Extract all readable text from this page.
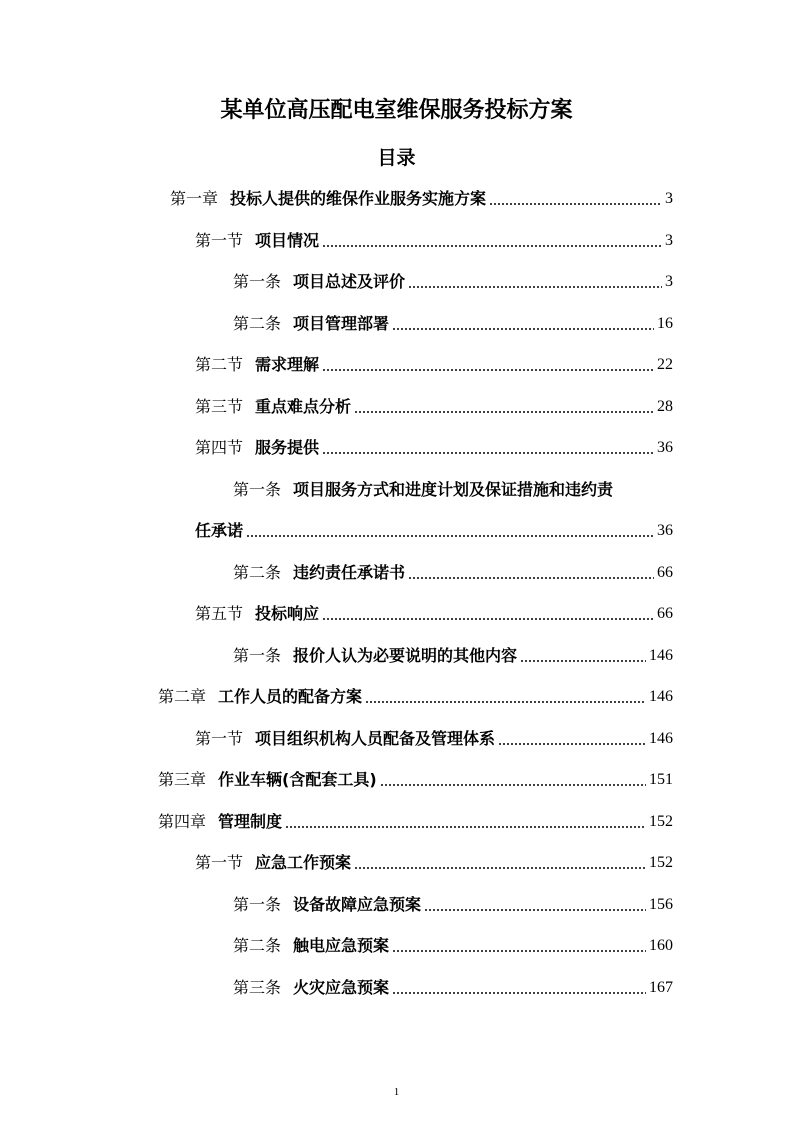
某单位高压配电室维保服务投标方案
目录
第一章 投标人提供的维保作业服务实施方案	3
第一节 项目情况	3
第一条 项目总述及评价	3
第二条 项目管理部署	16
第二节 需求理解	22
第三节 重点难点分析	28
第四节 服务提供	36
第一条 项目服务方式和进度计划及保证措施和违约责
任承诺	36
第二条 违约责任承诺书	66
第五节 投标响应	66
第一条 报价人认为必要说明的其他内容	146
第二章 工作人员的配备方案	146
第一节 项目组织机构人员配备及管理体系	146
第三章 作业车辆(含配套工具)	151
第四章 管理制度	152
第一节 应急工作预案	152
第一条 设备故障应急预案	156
第二条 触电应急预案	160
第三条 火灾应急预案	167
1
